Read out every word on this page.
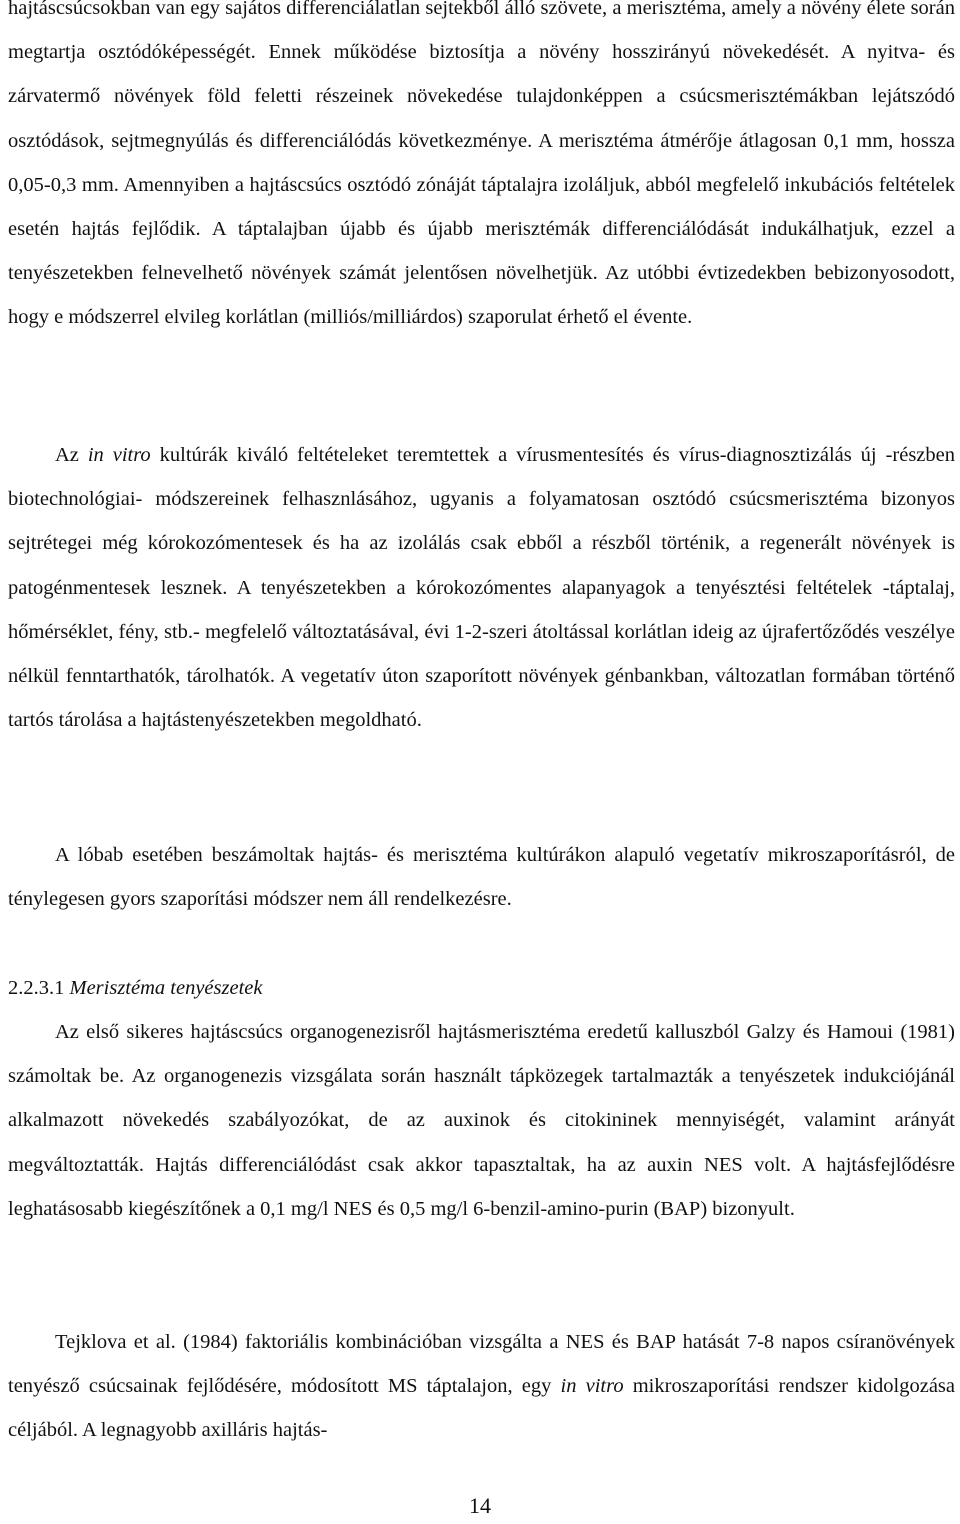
hajtáscsúcsokban van egy sajátos differenciálatlan sejtekből álló szövete, a merisztéma, amely a növény élete során megtartja osztódóképességét. Ennek működése biztosítja a növény hosszirányú növekedését. A nyitva- és zárvatermő növények föld feletti részeinek növekedése tulajdonképpen a csúcsmerisztémákban lejátszódó osztódások, sejtmegnyúlás és differenciálódás következménye. A merisztéma átmérője átlagosan 0,1 mm, hossza 0,05-0,3 mm. Amennyiben a hajtáscsúcs osztódó zónáját táptalajra izoláljuk, abból megfelelő inkubációs feltételek esetén hajtás fejlődik. A táptalajban újabb és újabb merisztémák differenciálódását indukálhatjuk, ezzel a tenyészetekben felnevelhető növények számát jelentősen növelhetjük. Az utóbbi évtizedekben bebizonyosodott, hogy e módszerrel elvileg korlátlan (milliós/milliárdos) szaporulat érhető el évente.

Az in vitro kultúrák kiváló feltételeket teremtettek a vírusmentesítés és vírus-diagnosztizálás új -részben biotechnológiai- módszereinek felhasznlásához, ugyanis a folyamatosan osztódó csúcsmerisztéma bizonyos sejtrétegei még kórokozómentesek és ha az izolálás csak ebből a részből történik, a regenerált növények is patogénmentesek lesznek. A tenyészetekben a kórokozómentes alapanyagok a tenyésztési feltételek -táptalaj, hőmérséklet, fény, stb.- megfelelő változtatásával, évi 1-2-szeri átoltással korlátlan ideig az újrafertőződés veszélye nélkül fenntarthatók, tárolhatók. A vegetatív úton szaporított növények génbankban, változatlan formában történő tartós tárolása a hajtástenyészetekben megoldható.

A lóbab esetében beszámoltak hajtás- és merisztéma kultúrákon alapuló vegetatív mikroszaporításról, de ténylegesen gyors szaporítási módszer nem áll rendelkezésre.

2.2.3.1 Merisztéma tenyészetek

Az első sikeres hajtáscsúcs organogenezisről hajtásmerisztéma eredetű kalluszból Galzy és Hamoui (1981) számoltak be. Az organogenezis vizsgálata során használt tápközegek tartalmazták a tenyészetek indukciójánál alkalmazott növekedés szabályozókat, de az auxinok és citokininek mennyiségét, valamint arányát megváltoztatták. Hajtás differenciálódást csak akkor tapasztaltak, ha az auxin NES volt. A hajtásfejlődésre leghatásosabb kiegészítőnek a 0,1 mg/l NES és 0,5 mg/l 6-benzil-amino-purin (BAP) bizonyult.

Tejklova et al. (1984) faktoriális kombinációban vizsgálta a NES és BAP hatását 7-8 napos csíranövények tenyésző csúcsainak fejlődésére, módosított MS táptalajon, egy in vitro mikroszaporítási rendszer kidolgozása céljából. A legnagyobb axilláris hajtás-

14
